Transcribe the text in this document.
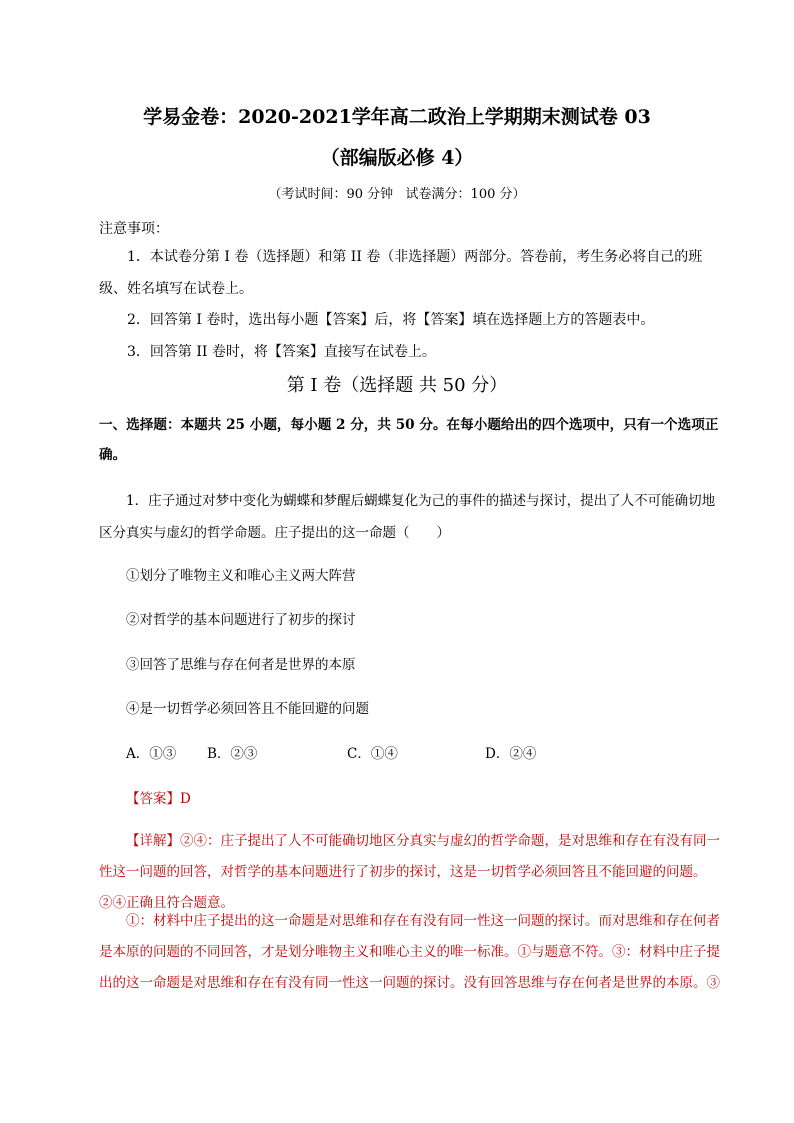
学易金卷：2020-2021学年高二政治上学期期末测试卷 03
（部编版必修 4）
（考试时间：90 分钟   试卷满分：100 分）
注意事项：
1．本试卷分第 I 卷（选择题）和第 II 卷（非选择题）两部分。答卷前，考生务必将自己的班级、姓名填写在试卷上。
2．回答第 I 卷时，选出每小题【答案】后，将【答案】填在选择题上方的答题表中。
3．回答第 II 卷时，将【答案】直接写在试卷上。
第 I 卷（选择题 共 50 分）
一、选择题：本题共 25 小题，每小题 2 分，共 50 分。在每小题给出的四个选项中，只有一个选项正确。
1．庄子通过对梦中变化为蝴蝶和梦醒后蝴蝶复化为己的事件的描述与探讨，提出了人不可能确切地区分真实与虚幻的哲学命题。庄子提出的这一命题（　　）
①划分了唯物主义和唯心主义两大阵营
②对哲学的基本问题进行了初步的探讨
③回答了思维与存在何者是世界的本原
④是一切哲学必须回答且不能回避的问题
A．①③ B．②③	C．①④	D．②④
【答案】D
【详解】②④：庄子提出了人不可能确切地区分真实与虚幻的哲学命题，是对思维和存在有没有同一性这一问题的回答，对哲学的基本问题进行了初步的探讨，这是一切哲学必须回答且不能回避的问题。②④正确且符合题意。
①：材料中庄子提出的这一命题是对思维和存在有没有同一性这一问题的探讨。而对思维和存在何者是本原的问题的不同回答，才是划分唯物主义和唯心主义的唯一标准。①与题意不符。③：材料中庄子提出的这一命题是对思维和存在有没有同一性这一问题的探讨。没有回答思维与存在何者是世界的本原。③
